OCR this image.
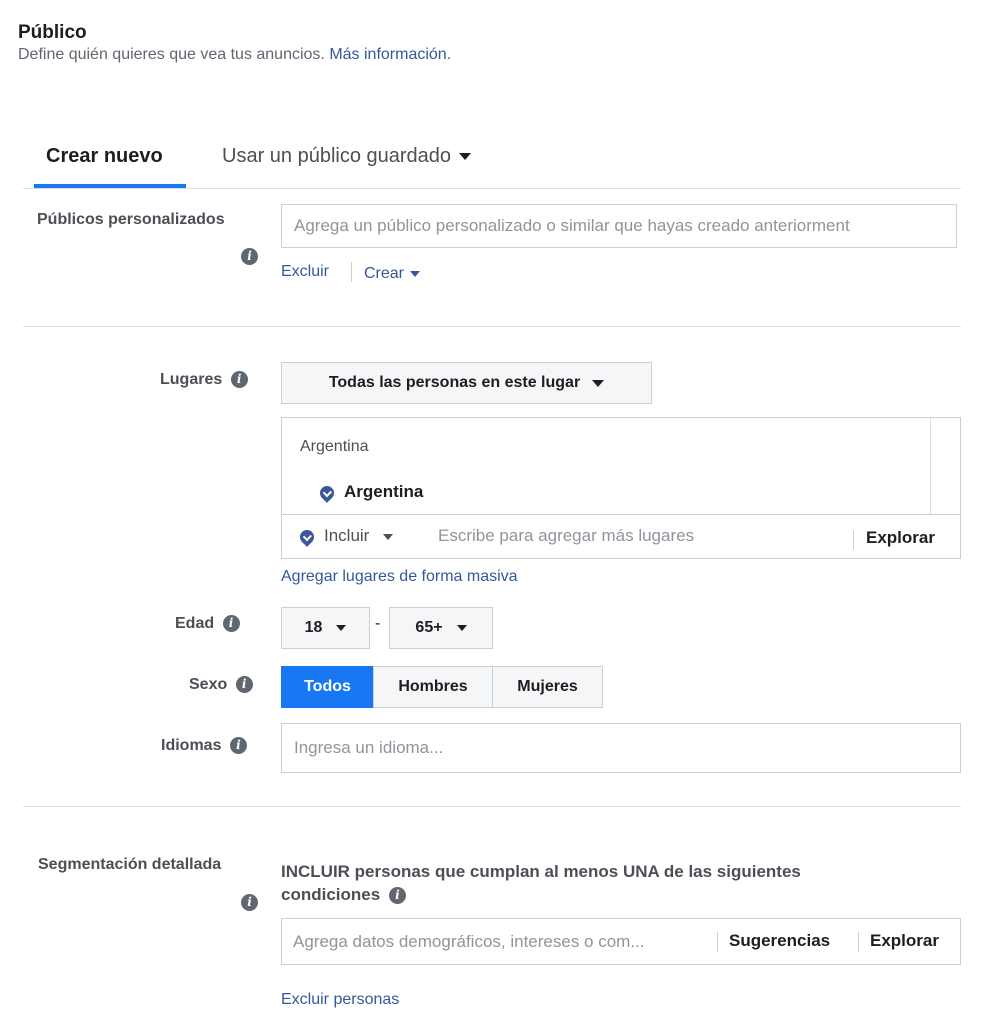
Público
Define quién quieres que vea tus anuncios. Más información.
Crear nuevo	Usar un público guardado
Públicos personalizados
i
Agrega un público personalizado o similar que hayas creado anteriorment
Excluir Crear
Lugares i	Todas las personas en este lugar
Argentina
Argentina
Incluir	Escribe para agregar más lugares	Explorar
Agregar lugares de forma masiva
Edad i	18	- 65+
Sexo i	Todos	Hombres	Mujeres
Idiomas i	Ingresa un idioma...
Segmentación detallada
i
INCLUIR personas que cumplan al menos UNA de las siguientes
condiciones i
Agrega datos demográficos, intereses o com...	Sugerencias Explorar
Excluir personas
